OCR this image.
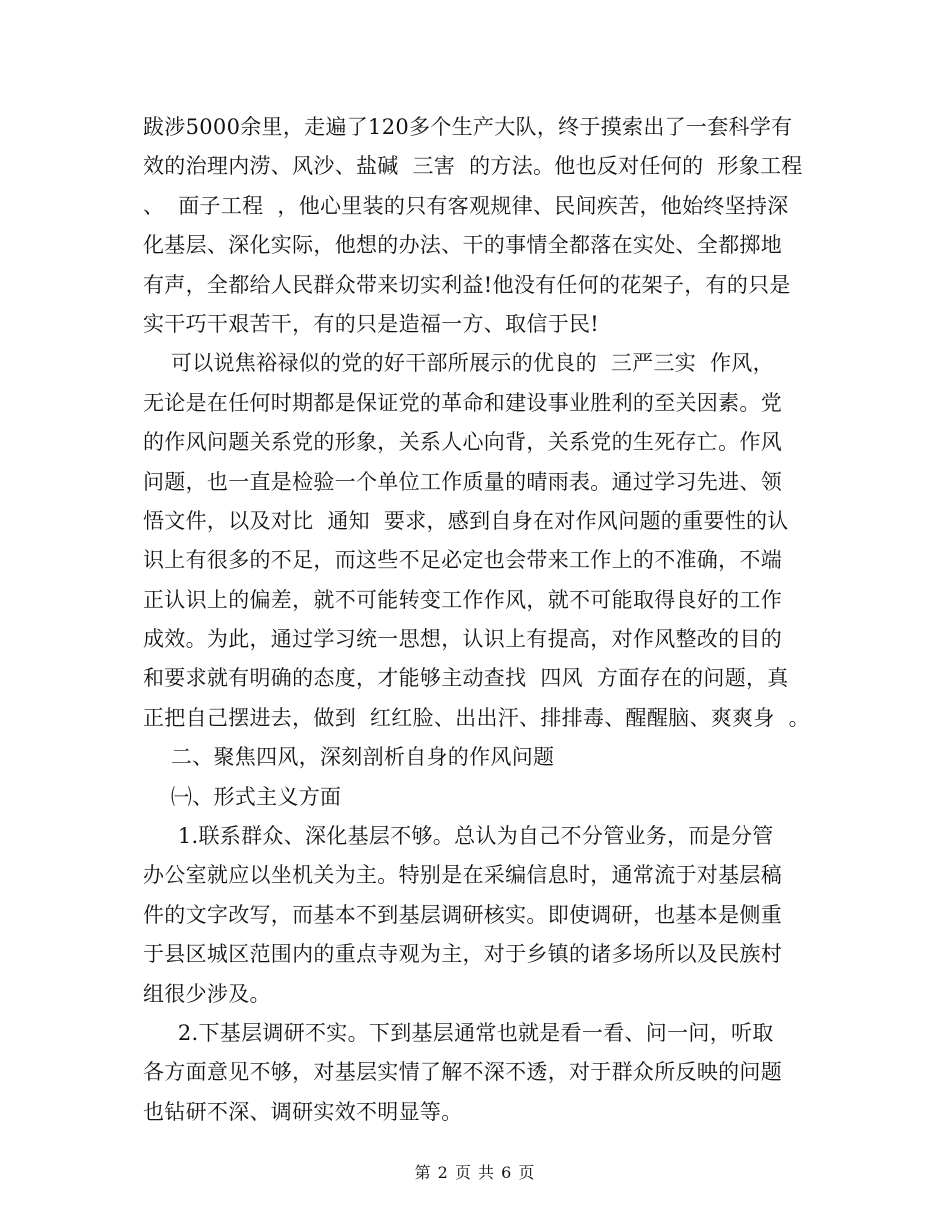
跋涉5000余里，走遍了120多个生产大队，终于摸索出了一套科学有
效的治理内涝、风沙、盐碱  三害  的方法。他也反对任何的  形象工程
、  面子工程  ，他心里装的只有客观规律、民间疾苦，他始终坚持深
化基层、深化实际，他想的办法、干的事情全都落在实处、全都掷地
有声，全都给人民群众带来切实利益!他没有任何的花架子，有的只是
实干巧干艰苦干，有的只是造福一方、取信于民!
可以说焦裕禄似的党的好干部所展示的优良的  三严三实  作风，
无论是在任何时期都是保证党的革命和建设事业胜利的至关因素。党
的作风问题关系党的形象，关系人心向背，关系党的生死存亡。作风
问题，也一直是检验一个单位工作质量的晴雨表。通过学习先进、领
悟文件，以及对比  通知  要求，感到自身在对作风问题的重要性的认
识上有很多的不足，而这些不足必定也会带来工作上的不准确，不端
正认识上的偏差，就不可能转变工作作风，就不可能取得良好的工作
成效。为此，通过学习统一思想，认识上有提高，对作风整改的目的
和要求就有明确的态度，才能够主动查找  四风  方面存在的问题，真
正把自己摆进去，做到  红红脸、出出汗、排排毒、醒醒脑、爽爽身  。
二、聚焦四风，深刻剖析自身的作风问题
㈠、形式主义方面
1.联系群众、深化基层不够。总认为自己不分管业务，而是分管
办公室就应以坐机关为主。特别是在采编信息时，通常流于对基层稿
件的文字改写，而基本不到基层调研核实。即使调研，也基本是侧重
于县区城区范围内的重点寺观为主，对于乡镇的诸多场所以及民族村
组很少涉及。
2.下基层调研不实。下到基层通常也就是看一看、问一问，听取
各方面意见不够，对基层实情了解不深不透，对于群众所反映的问题
也钻研不深、调研实效不明显等。
第 2 页 共 6 页
